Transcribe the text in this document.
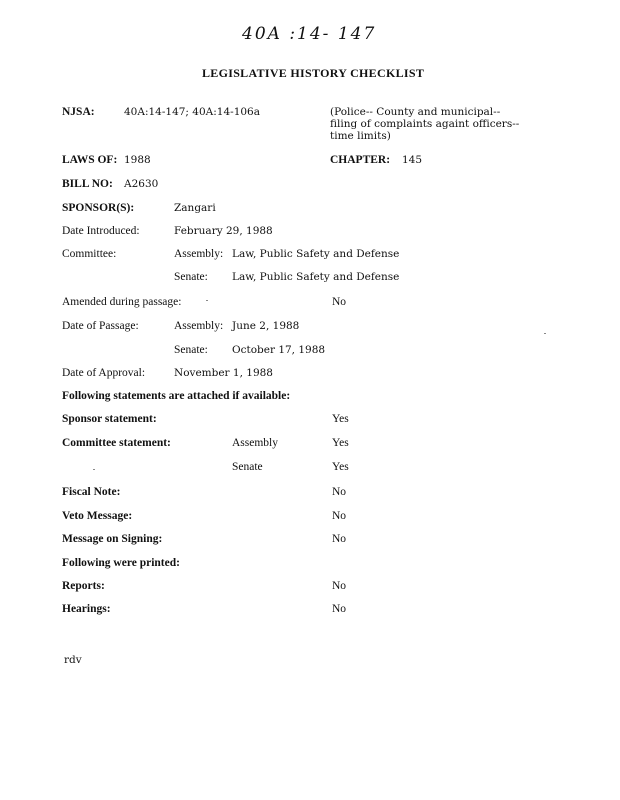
40A :14- 147
LEGISLATIVE HISTORY CHECKLIST
NJSA:	40A:14-147; 40A:14-106a	(Police-- County and municipal--
filing of complaints againt officers--
time limits)
LAWS OF: 1988	CHAPTER: 145
BILL NO: A2630
SPONSOR(S):	Zangari
Date Introduced:	February 29, 1988
Committee:	Assembly: Law, Public Safety and Defense
Senate: Law, Public Safety and Defense
Amended during passage:	No
Date of Passage:	Assembly: June 2, 1988
Senate: October 17, 1988
Date of Approval:	November 1, 1988
Following statements are attached if available:
Sponsor statement:	Yes
Committee statement:	Assembly	Yes
Senate	Yes
Fiscal Note:	No
Veto Message:	No
Message on Signing:	No
Following were printed:
Reports:	No
Hearings:	No
rdv
